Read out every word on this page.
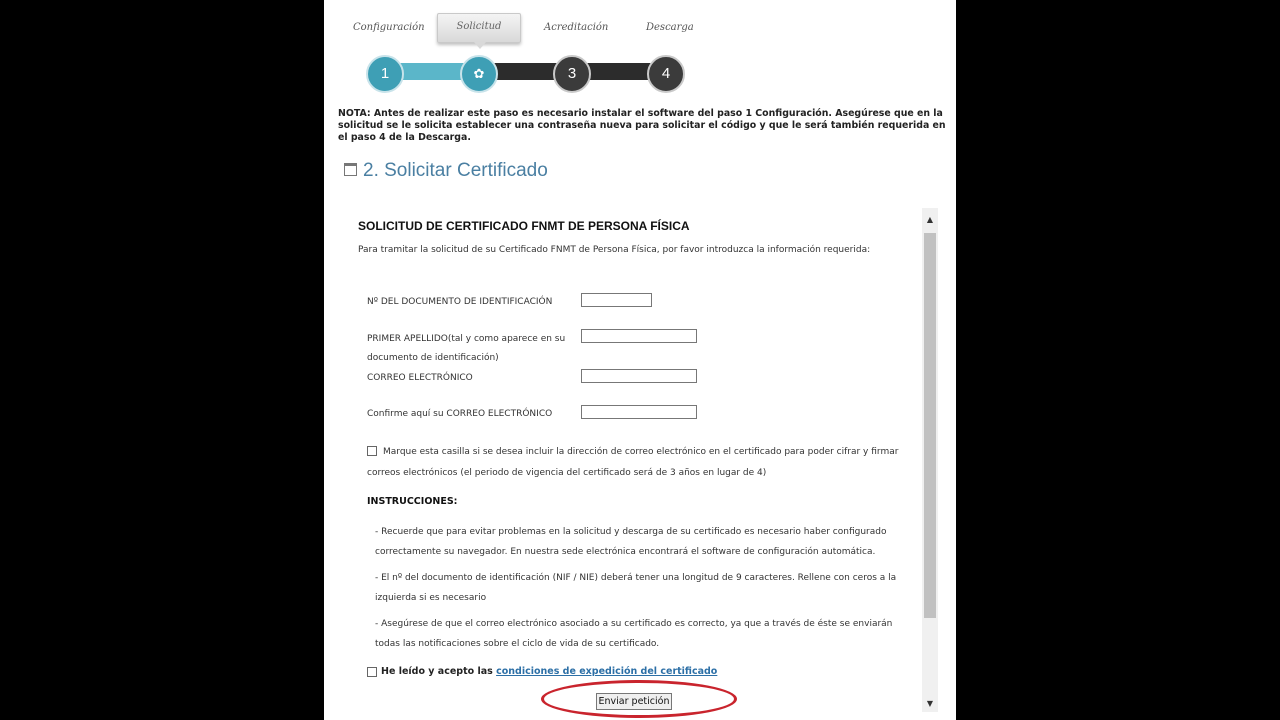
Configuración	Solicitud	Acreditación	Descarga
1	✿	3	4
NOTA: Antes de realizar este paso es necesario instalar el software del paso 1 Configuración. Asegúrese que en la solicitud se le solicita establecer una contraseña nueva para solicitar el código y que le será también requerida en el paso 4 de la Descarga.
2. Solicitar Certificado
SOLICITUD DE CERTIFICADO FNMT DE PERSONA FÍSICA
Para tramitar la solicitud de su Certificado FNMT de Persona Física, por favor introduzca la información requerida:
Nº DEL DOCUMENTO DE IDENTIFICACIÓN
PRIMER APELLIDO(tal y como aparece en su documento de identificación)
CORREO ELECTRÓNICO
Confirme aquí su CORREO ELECTRÓNICO
Marque esta casilla si se desea incluir la dirección de correo electrónico en el certificado para poder cifrar y firmar correos electrónicos (el periodo de vigencia del certificado será de 3 años en lugar de 4)
INSTRUCCIONES:
- Recuerde que para evitar problemas en la solicitud y descarga de su certificado es necesario haber configurado correctamente su navegador. En nuestra sede electrónica encontrará el software de configuración automática.
- El nº del documento de identificación (NIF / NIE) deberá tener una longitud de 9 caracteres. Rellene con ceros a la izquierda si es necesario
- Asegúrese de que el correo electrónico asociado a su certificado es correcto, ya que a través de éste se enviarán todas las notificaciones sobre el ciclo de vida de su certificado.
He leído y acepto las condiciones de expedición del certificado
Enviar petición
▲
▼
